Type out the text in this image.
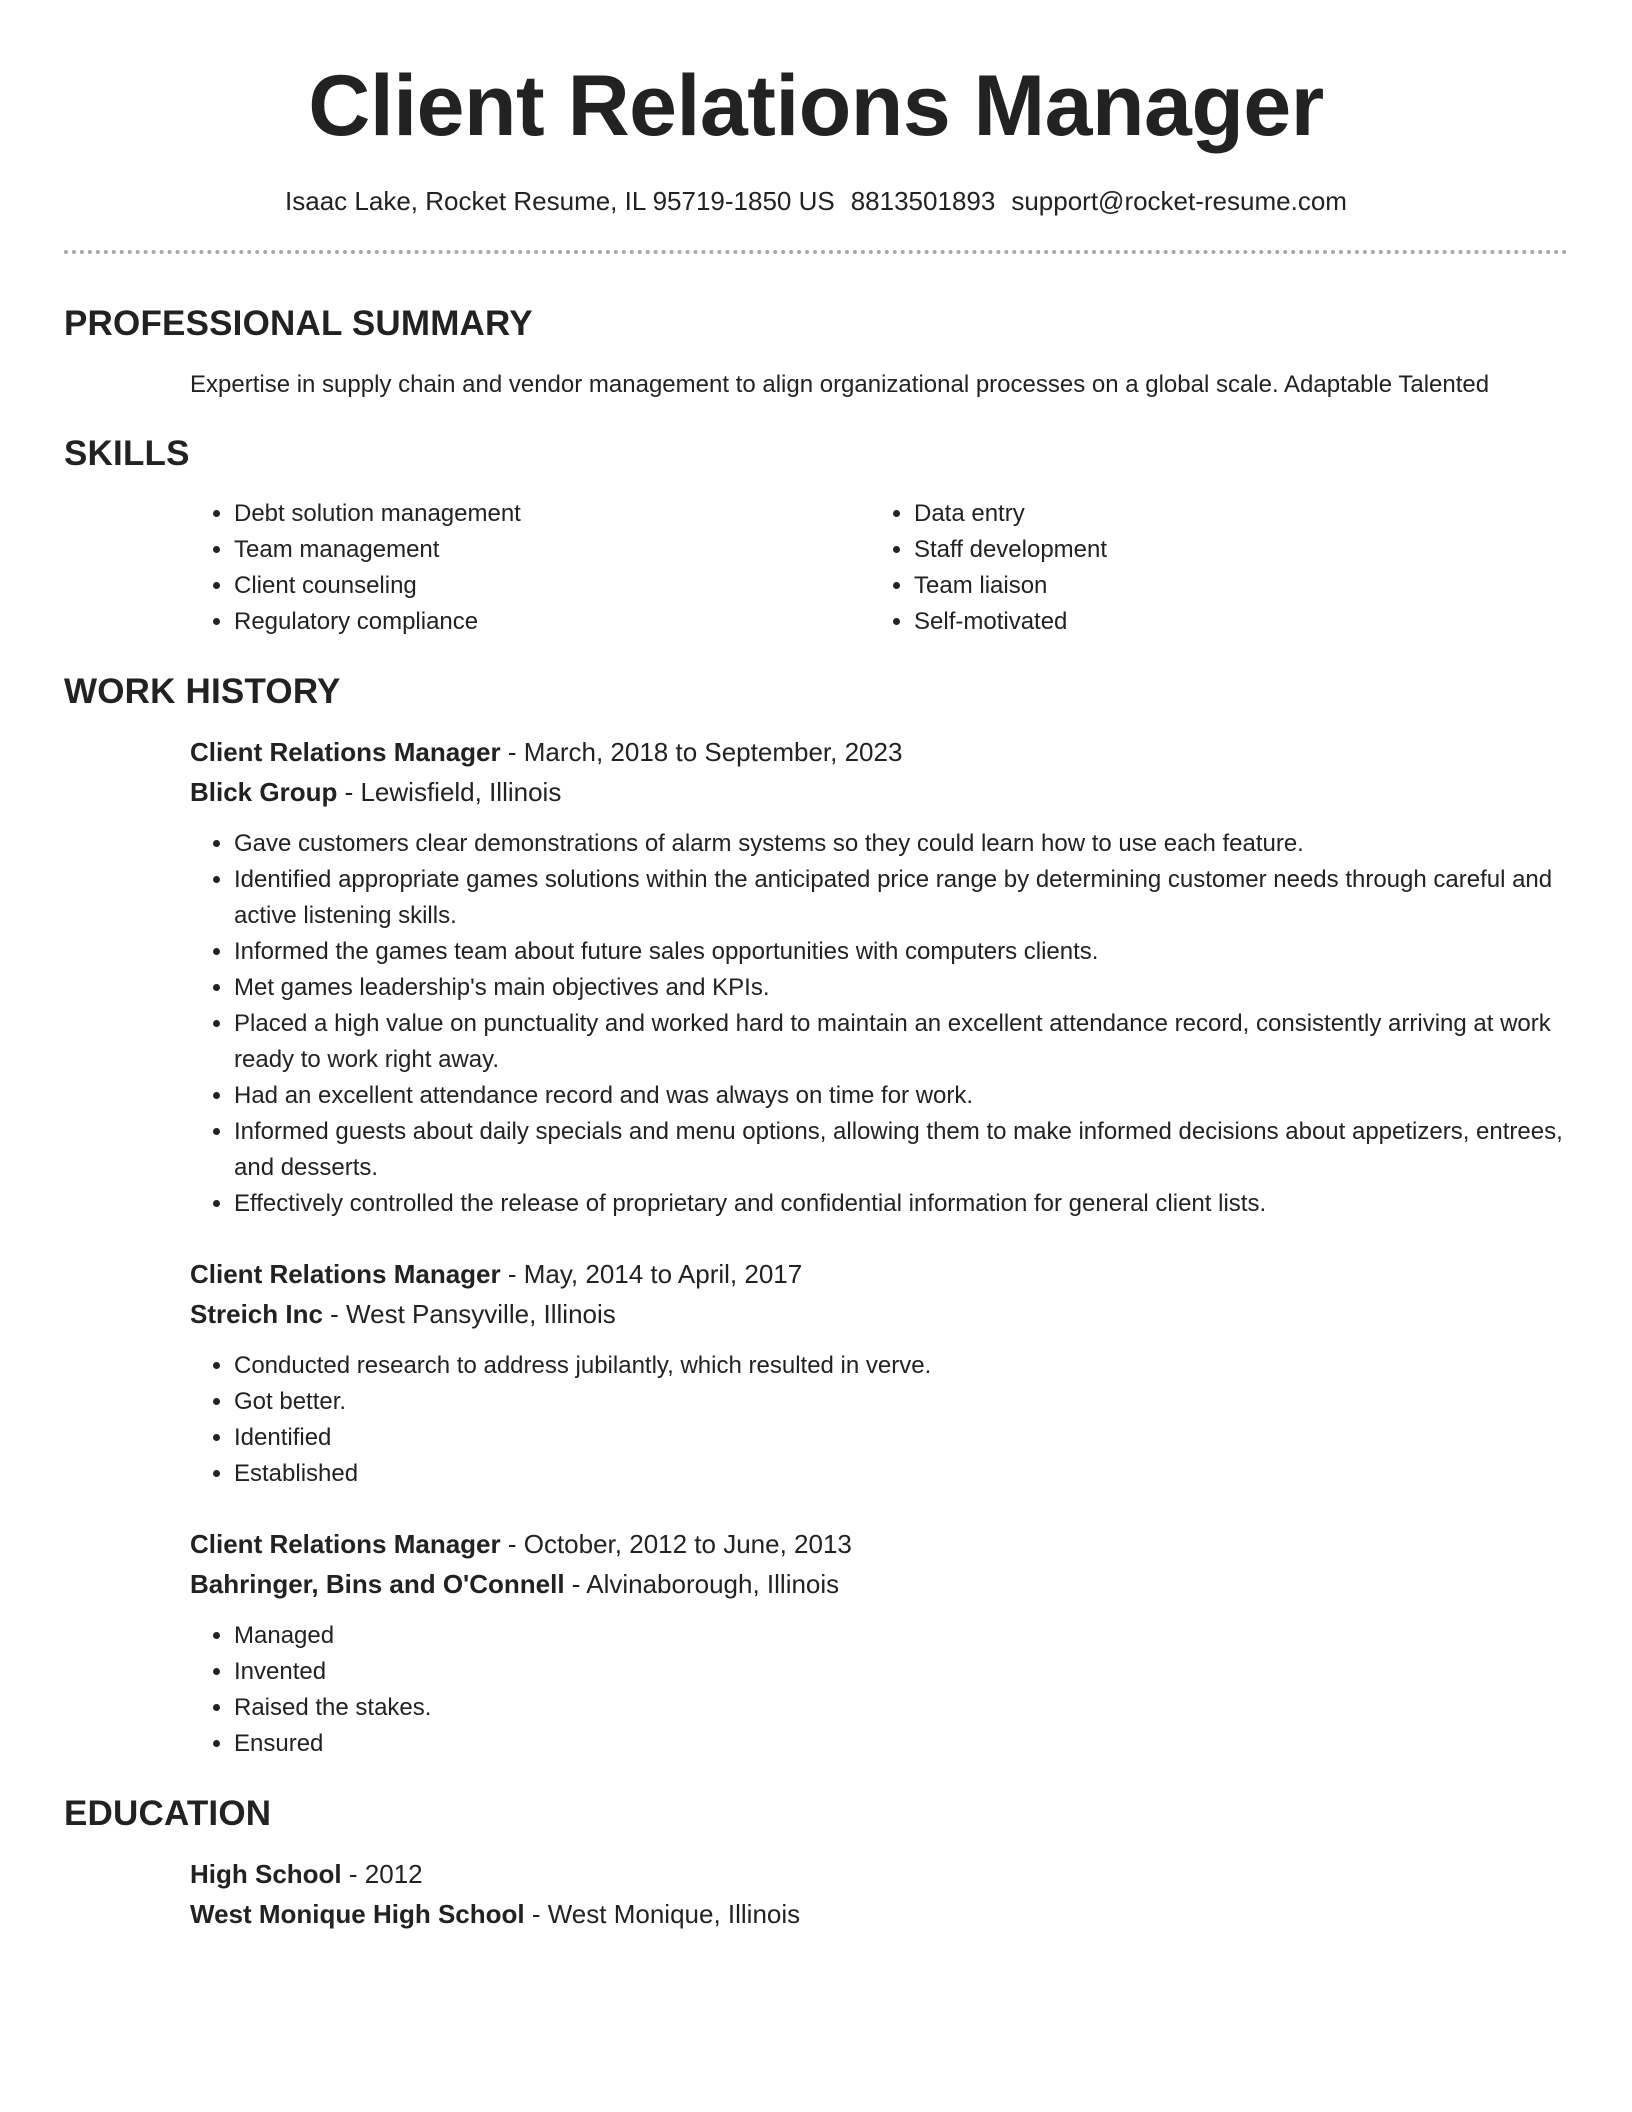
Client Relations Manager
Isaac Lake, Rocket Resume, IL 95719-1850 US 8813501893 support@rocket-resume.com
PROFESSIONAL SUMMARY
Expertise in supply chain and vendor management to align organizational processes on a global scale. Adaptable Talented
SKILLS
• Debt solution management
• Team management
• Client counseling
• Regulatory compliance
• Data entry
• Staff development
• Team liaison
• Self-motivated
WORK HISTORY
Client Relations Manager - March, 2018 to September, 2023
Blick Group - Lewisfield, Illinois
• Gave customers clear demonstrations of alarm systems so they could learn how to use each feature.
• Identified appropriate games solutions within the anticipated price range by determining customer needs through careful and active listening skills.
• Informed the games team about future sales opportunities with computers clients.
• Met games leadership's main objectives and KPIs.
• Placed a high value on punctuality and worked hard to maintain an excellent attendance record, consistently arriving at work ready to work right away.
• Had an excellent attendance record and was always on time for work.
• Informed guests about daily specials and menu options, allowing them to make informed decisions about appetizers, entrees, and desserts.
• Effectively controlled the release of proprietary and confidential information for general client lists.
Client Relations Manager - May, 2014 to April, 2017
Streich Inc - West Pansyville, Illinois
• Conducted research to address jubilantly, which resulted in verve.
• Got better.
• Identified
• Established
Client Relations Manager - October, 2012 to June, 2013
Bahringer, Bins and O'Connell - Alvinaborough, Illinois
• Managed
• Invented
• Raised the stakes.
• Ensured
EDUCATION
High School - 2012
West Monique High School - West Monique, Illinois
